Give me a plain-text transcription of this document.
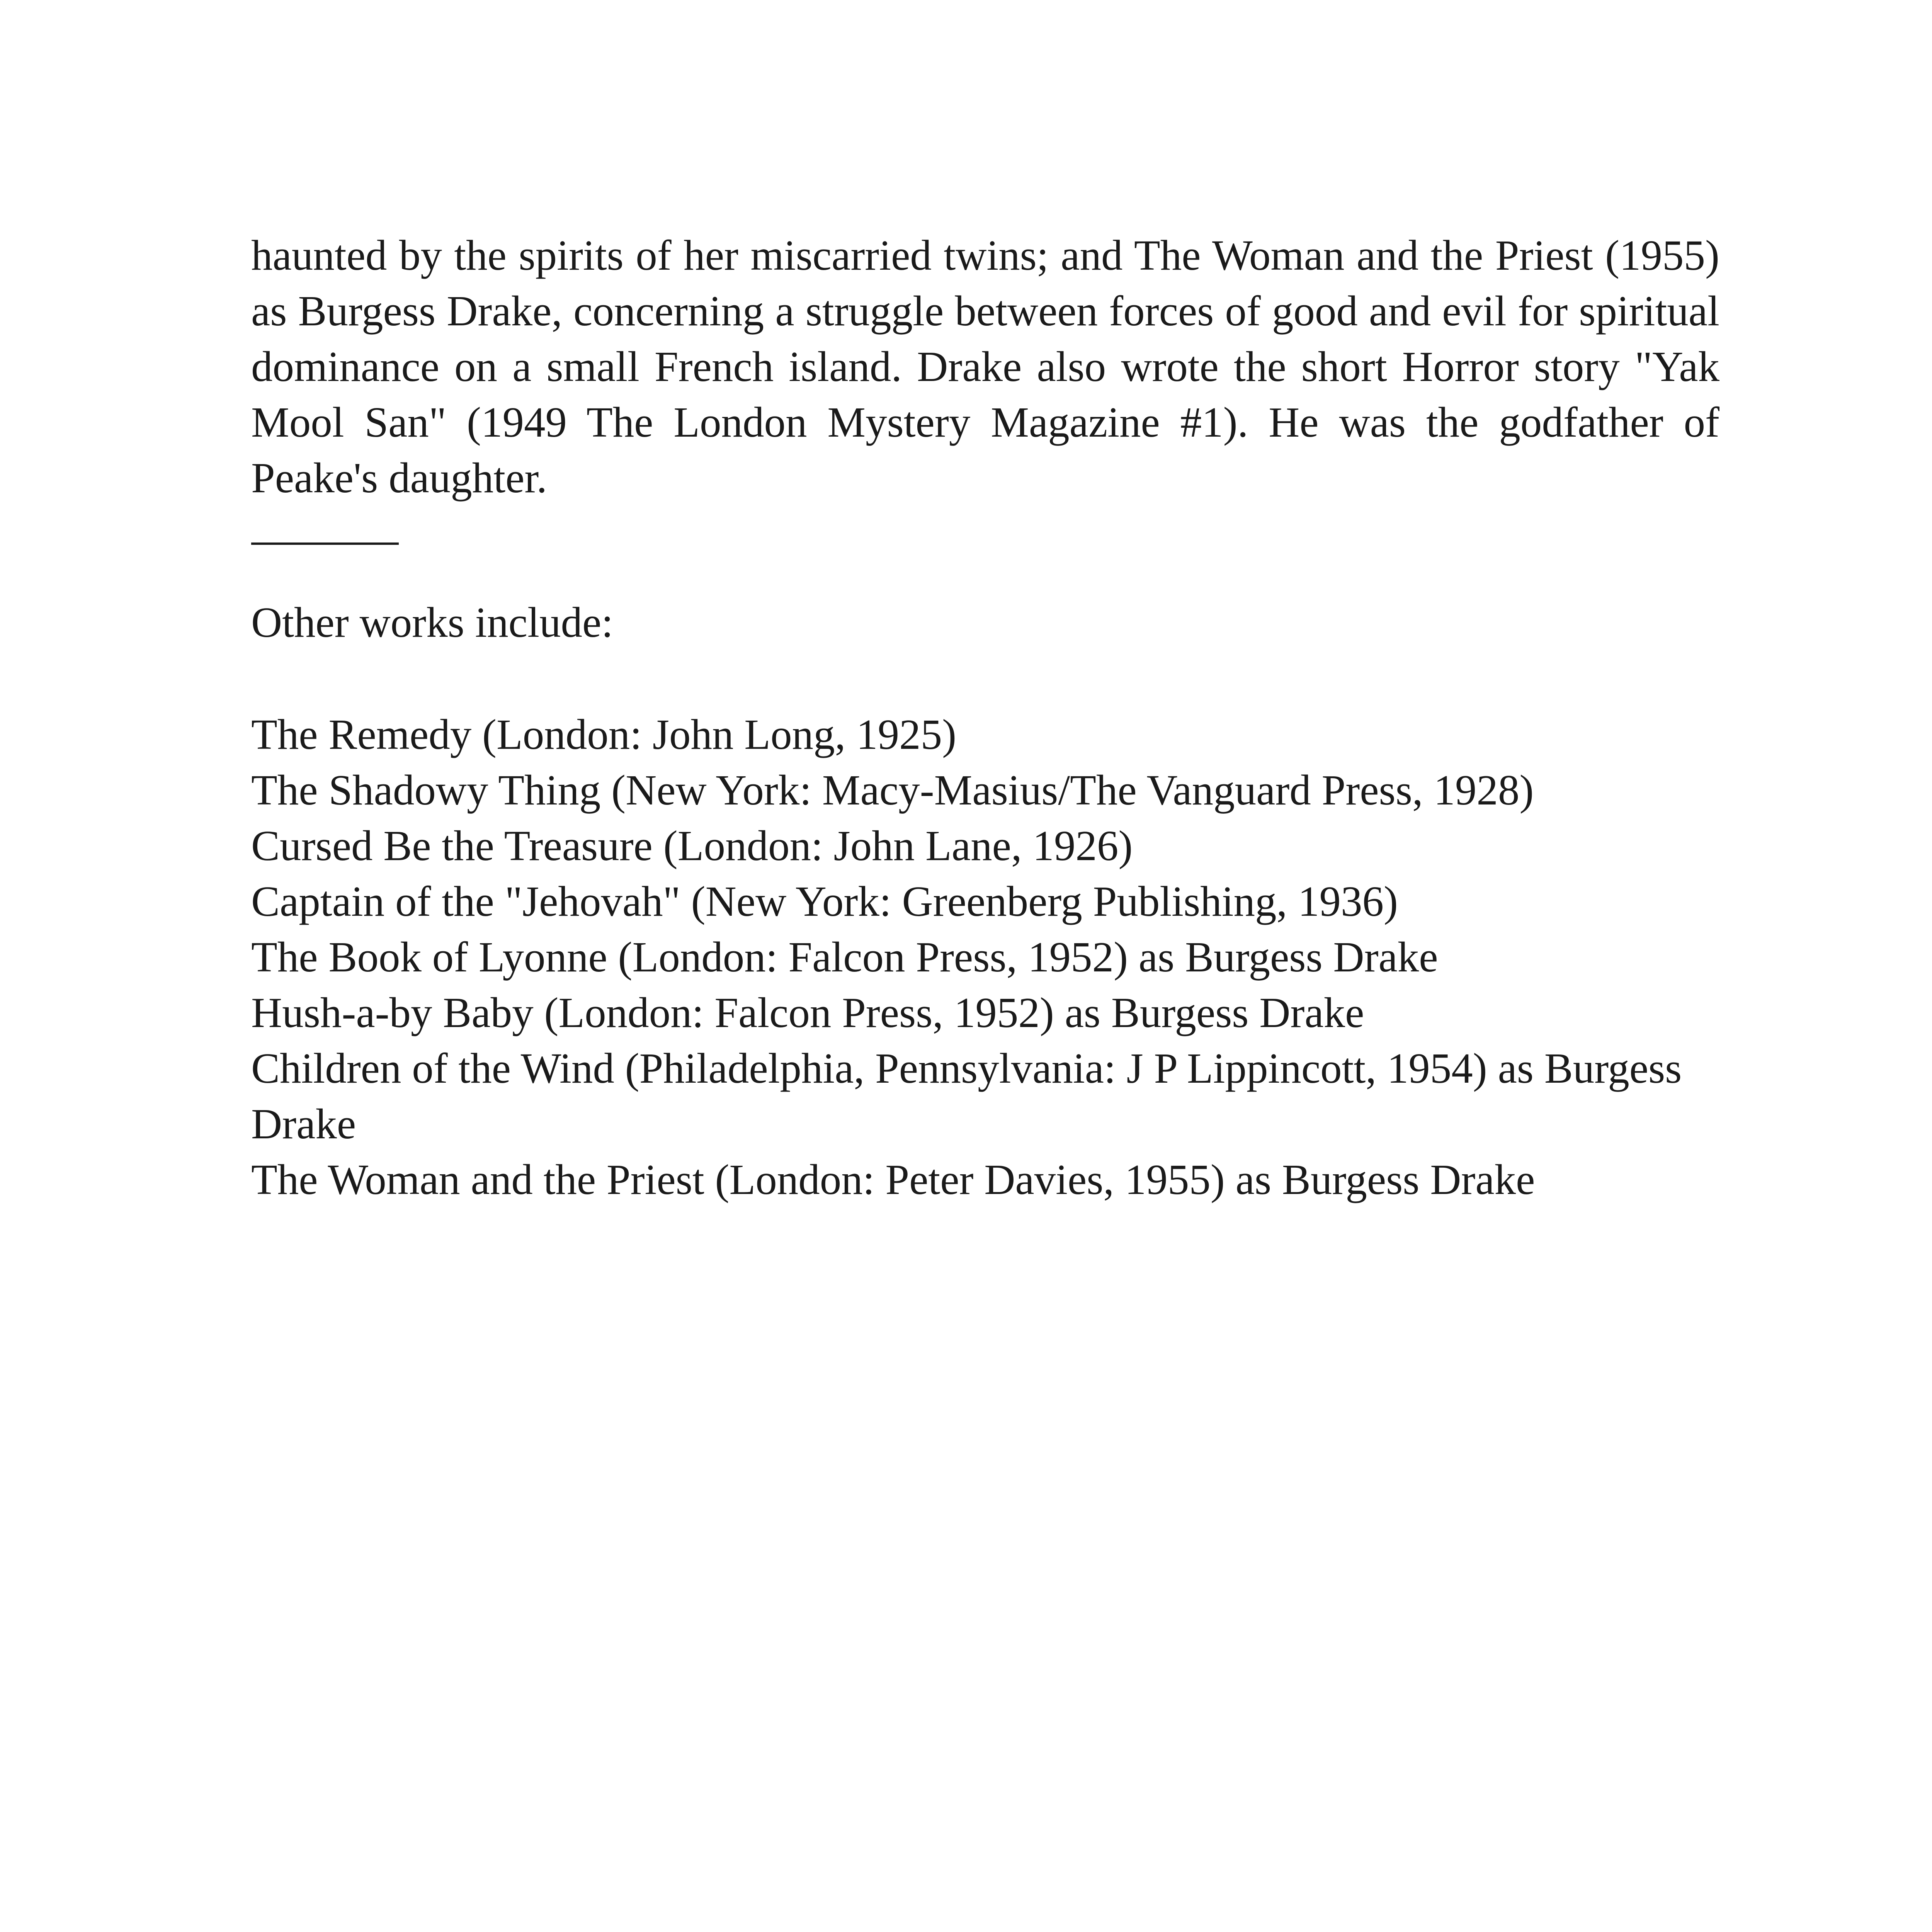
haunted by the spirits of her miscarried twins; and The Woman and the Priest (1955) as Burgess Drake, concerning a struggle between forces of good and evil for spiritual dominance on a small French island. Drake also wrote the short Horror story "Yak Mool San" (1949 The London Mystery Magazine #1). He was the godfather of Peake's daughter.

Other works include:

The Remedy (London: John Long, 1925)
The Shadowy Thing (New York: Macy-Masius/The Vanguard Press, 1928)
Cursed Be the Treasure (London: John Lane, 1926)
Captain of the "Jehovah" (New York: Greenberg Publishing, 1936)
The Book of Lyonne (London: Falcon Press, 1952) as Burgess Drake
Hush-a-by Baby (London: Falcon Press, 1952) as Burgess Drake
Children of the Wind (Philadelphia, Pennsylvania: J P Lippincott, 1954) as Burgess Drake
The Woman and the Priest (London: Peter Davies, 1955) as Burgess Drake
